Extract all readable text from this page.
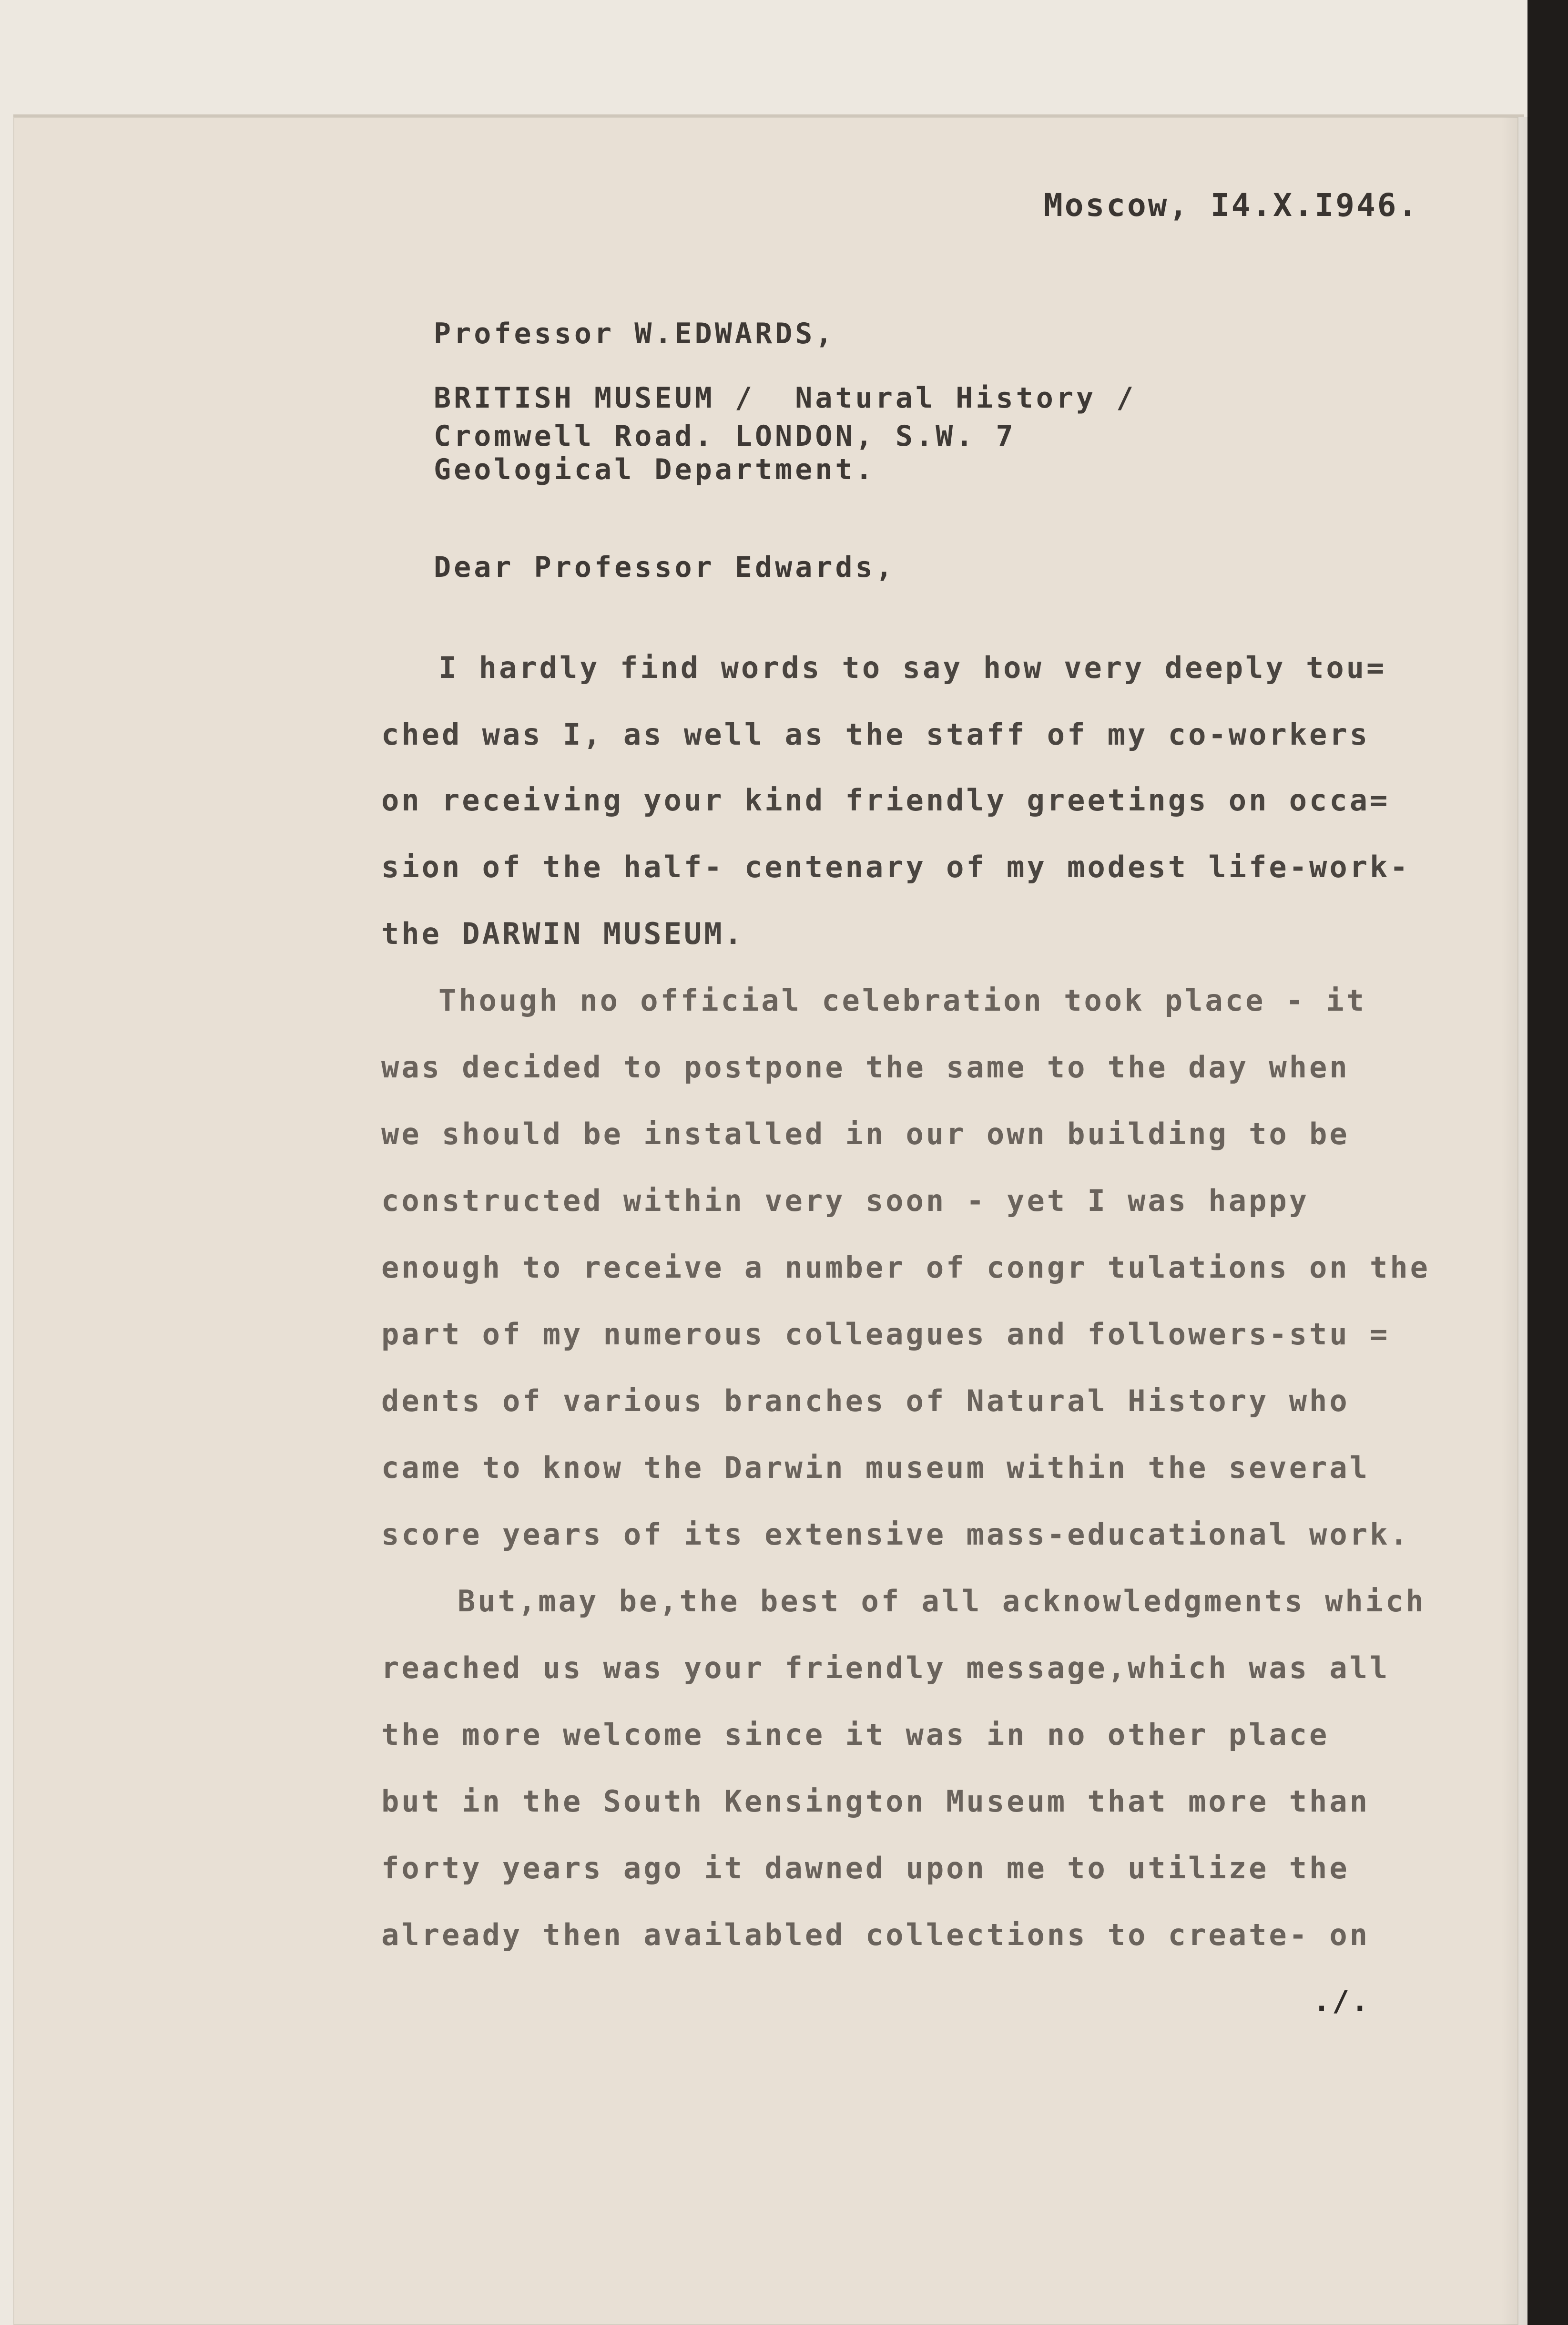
Moscow, I4.X.I946.
Professor W.EDWARDS,
BRITISH MUSEUM /  Natural History /
Cromwell Road. LONDON, S.W. 7
Geological Department.
Dear Professor Edwards,
I hardly find words to say how very deeply tou=
ched was I, as well as the staff of my co-workers
on receiving your kind friendly greetings on occa=
sion of the half- centenary of my modest life-work-
the DARWIN MUSEUM.
Though no official celebration took place - it
was decided to postpone the same to the day when
we should be installed in our own building to be
constructed within very soon - yet I was happy
enough to receive a number of congr tulations on the
part of my numerous colleagues and followers-stu =
dents of various branches of Natural History who
came to know the Darwin museum within the several
score years of its extensive mass-educational work.
But,may be,the best of all acknowledgments which
reached us was your friendly message,which was all
the more welcome since it was in no other place
but in the South Kensington Museum that more than
forty years ago it dawned upon me to utilize the
already then availabled collections to create- on
./.
